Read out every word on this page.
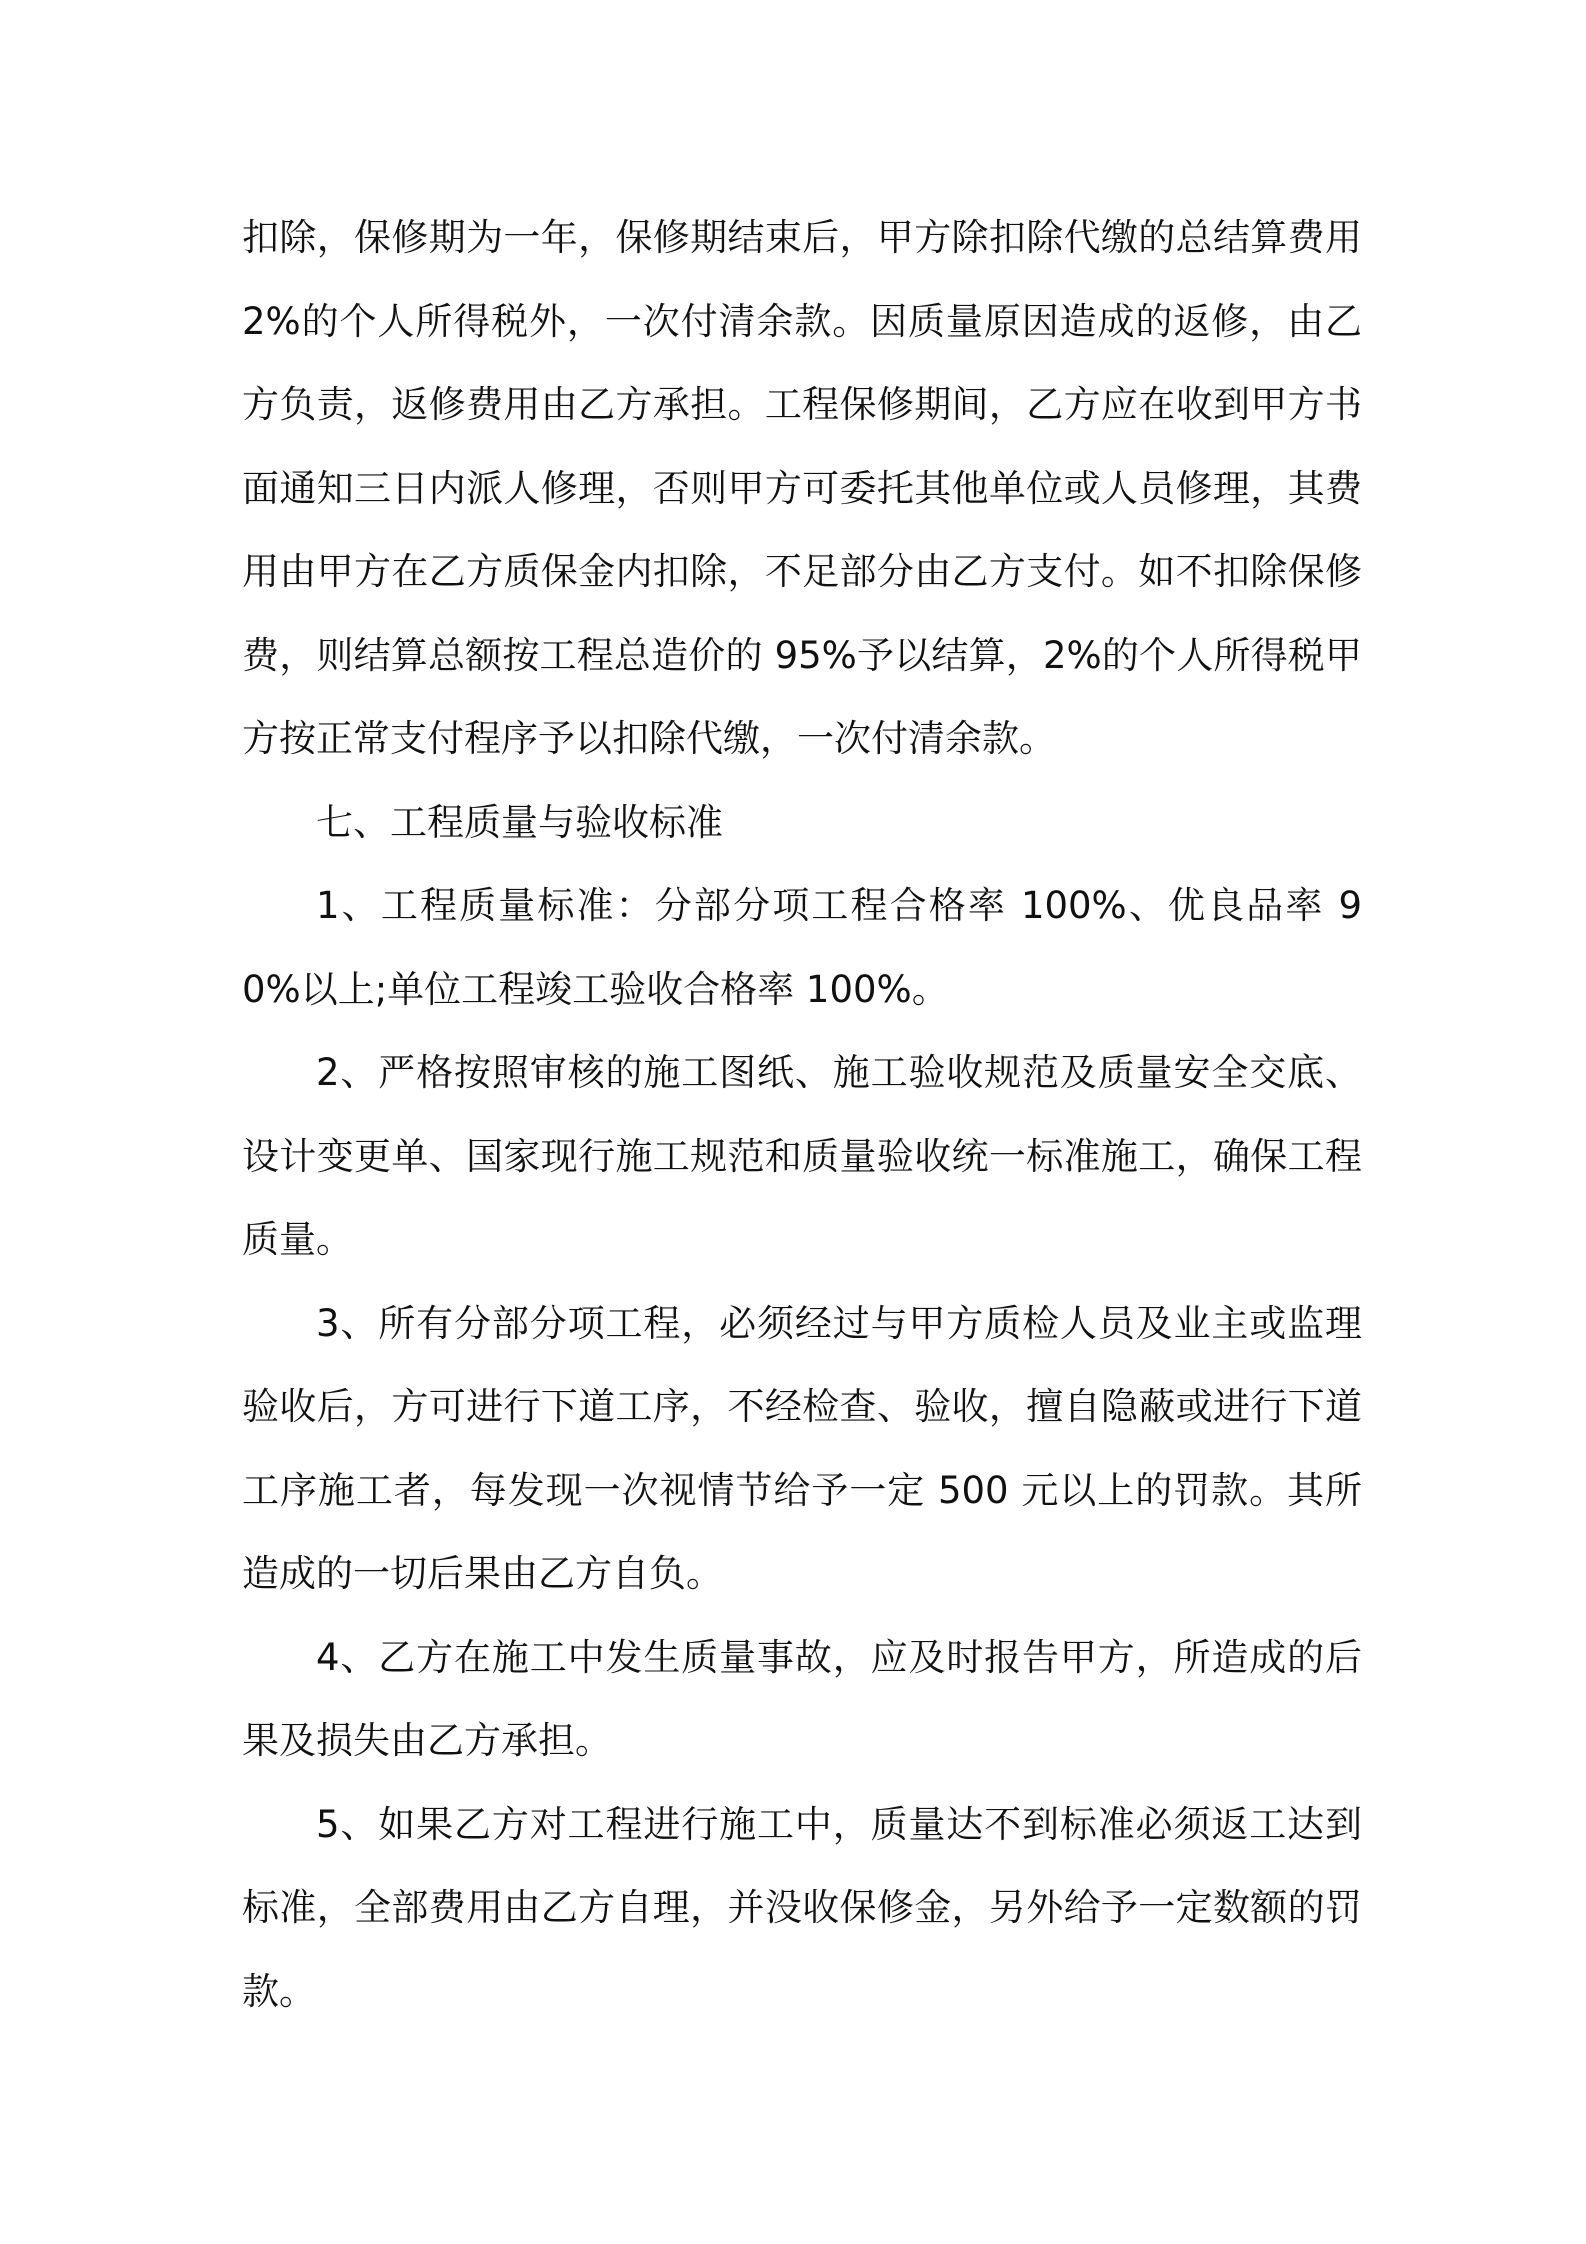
扣除，保修期为一年，保修期结束后，甲方除扣除代缴的总结算费用2%的个人所得税外，一次付清余款。因质量原因造成的返修，由乙方负责，返修费用由乙方承担。工程保修期间，乙方应在收到甲方书面通知三日内派人修理，否则甲方可委托其他单位或人员修理，其费用由甲方在乙方质保金内扣除，不足部分由乙方支付。如不扣除保修费，则结算总额按工程总造价的 95%予以结算，2%的个人所得税甲方按正常支付程序予以扣除代缴，一次付清余款。

七、工程质量与验收标准

1、工程质量标准：分部分项工程合格率 100%、优良品率 90%以上;单位工程竣工验收合格率 100%。

2、严格按照审核的施工图纸、施工验收规范及质量安全交底、设计变更单、国家现行施工规范和质量验收统一标准施工，确保工程质量。

3、所有分部分项工程，必须经过与甲方质检人员及业主或监理验收后，方可进行下道工序，不经检查、验收，擅自隐蔽或进行下道工序施工者，每发现一次视情节给予一定 500 元以上的罚款。其所造成的一切后果由乙方自负。

4、乙方在施工中发生质量事故，应及时报告甲方，所造成的后果及损失由乙方承担。

5、如果乙方对工程进行施工中，质量达不到标准必须返工达到标准，全部费用由乙方自理，并没收保修金，另外给予一定数额的罚款。
